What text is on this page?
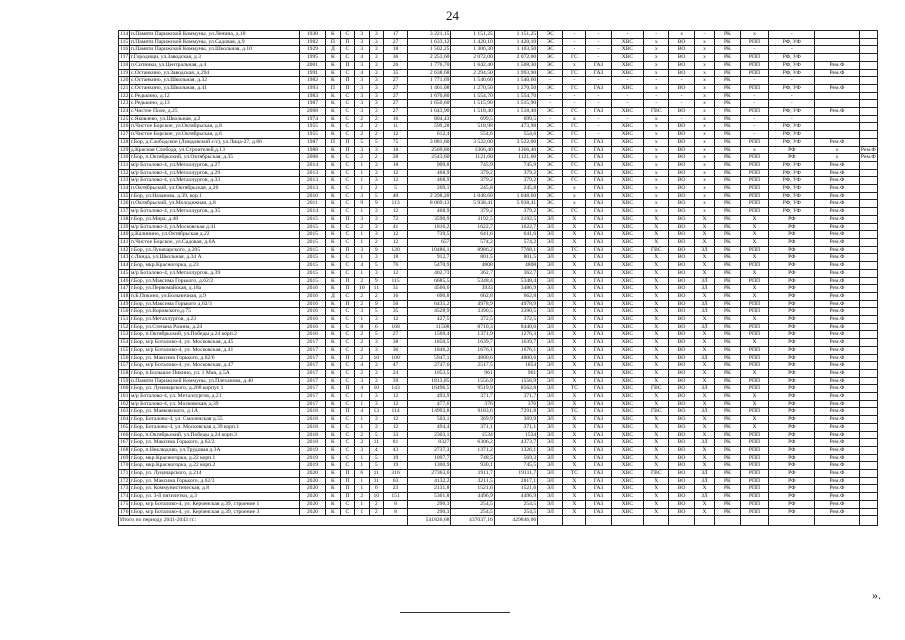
24
114	п.Памяти Парижской Коммуны, ул.Ленина, д.18	1930	К	С	3	3	17	3 221,15	1 151,25	1 151,25	ЭС	-	-	-	-	х	-	РК	х	-		
115	п.Памяти Парижской Коммуны, ул.Садовая, д.9	1982	П	П	3	3	27	1 633,12	1 420,10	1 420,10	ЭС	-	-	ХВС	х	ВО	х	РК	РПП	РФ, УФ		
116	п.Памяти Парижской Коммуны, ул.Школьная, д.10	1929	Д	С	3	3	18	1 502,25	1 306,30	1 103,50	ЭС	-	-	ХВС	х	ВО	х	РК	-	-		
117	г.Городищи, ул.Заводская, д.3	1995	К	С	4	3	36	2 253,60	2 072,00	2 072,00	ЭС	ГС	-	ХВС	х	ВО	х	РК	РПП	РФ, УФ		
118	п.Ситники, ул.Центральная, д.4	2001	К	П	3	3	26	1 776,70	1 642,40	1 508,30	ЭС	х	ГАЗ	ХВС	х	ВО	х	РК	РПП	РФ, УФ	Рем.Ф	
119	с.Останкино, ул.Заводская, д.294	1991	К	С	4	3	35	2 638,68	2 294,50	1 993,90	ЭС	ГС	ГАЗ	ХВС	х	ВО	х	РК	РПП	РФ, УФ	Рем.Ф	
120	с.Останкино, ул.Школьная, д.32	1982	К	П	3	3	27	1 771,69	1 540,60	1 540,60	-	-	-	-	-	-	х	РК	-	-		
121	с.Останкино, ул.Школьная, д.41	1993	П	П	3	3	27	1 461,08	1 270,50	1 270,50	ЭС	ГС	ГАЗ	ХВС	х	ВО	х	РК	РПП	РФ, УФ	Рем.Ф	
122	с.Редькино, д.12	1983	К	С	3	3	27	1 670,80	1 554,70	1 554,70	-	-	-	-	-	-	х	РК	-	-		
123	с.Редькино, д.13	1987	К	С	3	3	27	1 650,60	1 515,90	1 515,90	-	-	-	-	-	-	х	РК	-	-		
124	с.Чистое Поле, д.25	2008	К	С	3	3	27	1 643,90	1 518,40	1 518,40	ЭС	ГС	ГАЗ	ХВС	ГВС	ВО	х	РК	РПП	РФ, УФ	Рем.Ф	
125	с.Яковлево, ул.Школьная, д.2	1974	К	С	2	2	16	804,43	699,5	699,5	-	х	-	-	х	-	х	РК	-	-		
126	п.Чистое Борское, ул.Октябрьская, д.8	1955	К	С	2	2	11	599,28	518,98	473,98	ЭС	ГС	-	ХВС	х	ВО	х	РК	-	РФ, УФ		
127	п.Чистое Борское, ул.Октябрьская, д.6	1955	К	С	2	2	12	612,4	554,6	554,6	ЭС	ГС	-	ХВС	х	ВО	х	РК	-	РФ, УФ		
128	г.Бор, д.Слободское (Линдовский с/с), ул.Лица-27, д.86	1987	П	П	5	5	75	3 881,60	3 522,00	3 522,00	ЭС	ГС	ГАЗ	ХВС	х	ВО	х	РК	РПП	РФ, УФ	Рем.Ф	
129	д.Красная Слобода, ул.Строителей,д.13	1988	К	П	3	3	18	2569,80	1366,40	1366,40	ЭС	ГС	ГАЗ	ХВС	х	ВО	х	РК	х	РФ	х	Рем.Ф
130	г.Бор, п.Октябрьский, ул.Октябрьская, д.35	2008	К	С	2	2	28	2543,60	1121,60	1121,60	ЭС	ГС	ГАЗ	ХВС	х	ВО	х	РК	РПП	РФ	х	Рем.Ф
131	м/р Боталово-4, ул.Металлургов, д.27	2014	К	С	1	3	18	909,8	745,9	745,9	ЭС	ГС	ГАЗ	ХВС	х	ВО	х	РК	РПП	РФ, УФ	Рем.Ф	
132	м/р Боталово-4, ул.Металлургов, д.29	2013	К	С	1	3	12	468,9	379,2	379,2	ЭС	ГС	ГАЗ	ХВС	х	ВО	х	РК	РПП	РФ, УФ	Рем.Ф	
133	м/р Боталово-4, ул.Металлургов, д.33	2013	К	С	1	3	12	468,9	379,2	379,2	ЭС	ГС	ГАЗ	ХВС	х	ВО	х	РК	РПП	РФ, УФ	Рем.Ф	
134	п.Октябрьский, ул.Октябрьская, д.20	2013	К	С	1	2	5	269,1	245,8	245,8	ЭС	х	ГАЗ	ХВС	х	ВО	х	РК	РПП	РФ, УФ	Рем.Ф	
135	г.Бор, ул.Назанова, д.39, кор.1	2010	К	С	3	5	40	2 298,20	1 048,60	1 048,60	ЭС	х	ГАЗ	ХВС	х	ВО	х	РК	РПП	РФ, УФ	Рем.Ф	
136	п.Октябрьский, ул.Молодежная, д.8	2011	К	С	9	9	113	8 069,13	5 938,41	5 938,41	ЭС	х	ГАЗ	ХВС	х	ВО	х	РК	РПП	РФ, УФ	Рем.Ф	
137	м/р Боталово-4, ул.Металлургов, д.35	2014	К	С	1	3	12	468,9	379,2	379,2	ЭС	ГС	ГАЗ	ХВС	х	ВО	х	РК	РПП	РФ, УФ	Рем.Ф	
138	г.Бор, ул.Мира, д.40	2015	К	П	3	3	72	3590,9	3192,5	3192,5	ЭЛ	Х	ГАЗ	ХВС	Х	ВО	Х	РК	Х	РФ	Рем.Ф	
139	м/р Боталово-4, ул.Московская д.41	2015	К	С	2	3	41	1816,2	1622,7	1622,7	ЭЛ	Х	ГАЗ	ХВС	Х	ВО	Х	РК	Х	РФ	Рем.Ф	
140	д.Калинино, ул.Октябрьская д.22	2015	К	С	1	3	12	739,5	641,6	641,6	ЭЛ	Х	ГАЗ	ХВС	Х	ВО	Х	РК	Х	РФ	Рем.Ф	
141	п.Чистое Борское, ул.Садовая, д.6А	2015	К	С	1	2	12	657	574,2	574,2	ЭЛ	Х	ГАЗ	ХВС	Х	ВО	Х	РК	Х	РФ	Рем.Ф	
142	г.Бор, ул.Луначарского, д.205	2015	К	П	3	9	120	10486,1	8986,2	7768,1	ЭЛ	ТС	ГАЗ	ХВС	ГВС	ВО	ЗЛ	РК	РПП	РФ	Рем.Ф	
143	с.Линда, ул.Школьная, д.34 А	2015	К	С	1	3	18	912,7	801,5	801,5	ЭЛ	Х	ГАЗ	ХВС	Х	ВО	Х	РК	Х	РФ	Рем.Ф	
144	г.Бор, мкр.Красногорка, д.23	2015	К	С	4	5	76	5470,9	4808	4808	ЭЛ	Х	ГАЗ	ХВС	Х	ВО	Х	РК	РПП	РФ	Рем.Ф	
145	м/р Боталово-4, ул.Металлургов, д.39	2015	К	С	1	3	12	402,73	362,7	362,7	ЭЛ	Х	ГАЗ	ХВС	Х	ВО	Х	РК	Х	РФ	Рем.Ф	
146	г.Бор, ул.Максима Горького, д.62/2	2015	К	П	2	9	115	6685,5	5348,4	5348,4	ЭЛ	Х	ГАЗ	ХВС	Х	ВО	ЗЛ	РК	РПП	РФ	Рем.Ф	
147	г.Бор, ул.Первомайская, д.18а	2016	К	П	10	11	31	4560,6	3933	3486,9	ЭЛ	Х	ГАЗ	ХВС	Х	ВО	ЗЛ	РК	Х	РФ	Рем.Ф	
148	п.Б.Пикино, ул.Больничная, д.9	2016	Д	С	2	2	16	690,8	662,8	662,8	ЭЛ	Х	ГАЗ	ХВС	Х	ВО	Х	РК	Х	РФ	Рем.Ф	
149	г.Бор, ул.Максима Горького д.62/3	2016	К	П	2	9	56	6435,2	4978,9	4978,9	ЭЛ	Х	ГАЗ	ХВС	Х	ВО	ЗЛ	РК	РПП	РФ	Рем.Ф	
150	г.Бор, ул.Воровского,д.75	2016	К	С	3	5	35	4528,9	3390,5	3390,5	ЭЛ	Х	ГАЗ	ХВС	Х	ВО	ЗЛ	РК	РПП	РФ	Рем.Ф	
151	г.Бор, ул.Металлургов, д.23	2016	К	С	1	3	12	427,5	372,5	372,5	ЭЛ	Х	ГАЗ	ХВС	Х	ВО	Х	РК	Х	РФ	Рем.Ф	
152	г.Бор, ул.Степана Разина, д.24	2016	К	С	8	6	168	11508	8710,3	8440,6	ЭЛ	Х	ГАЗ	ХВС	Х	ВО	ЗЛ	РК	РПП	РФ	Рем.Ф	
153	г.Бор, п.Октябрьский, ул.Победы д.24 корп.2	2016	К	С	2	5	27	1569,4	1371,9	1276,3	ЭЛ	Х	ГАЗ	ХВС	Х	ВО	Х	РК	РПП	РФ	Рем.Ф	
154	г.Бор, м/р Боталово-4, ул. Московская, д.45	2017	К	С	2	3	38	1850,5	1639,7	1639,7	ЭЛ	Х	ГАЗ	ХВС	Х	ВО	Х	РК	Х	РФ	Рем.Ф	
155	г.Бор, м/р Боталово-4, ул. Московская, д.41	2017	К	С	2	3	36	1846,2	1676,1	1676,1	ЭЛ	Х	ГАЗ	ХВС	Х	ВО	Х	РК	РПП	РФ	Рем.Ф	
156	г.Бор, ул. Максима Горького, д.62/6	2017	К	П	2	10	100	5947,1	4800,6	4800,6	ЭЛ	Х	ГАЗ	ХВС	Х	ВО	ЗЛ	РК	РПП	РФ	Рем.Ф	
157	г.Бор, м/р Боталово-4, ул. Московская, д.47	2017	К	С	4	3	47	2747,6	2517,5	1854	ЭЛ	Х	ГАЗ	ХВС	Х	ВО	Х	РК	РПП	РФ	Рем.Ф	
158	г.Бор, п.Большое Пикино, ул. 1 Мая, д.5А	2017	К	С	2	3	24	1053,5	961	961	ЭЛ	Х	ГАЗ	ХВС	Х	ВО	Х	РК	Х	РФ	Рем.Ф	
159	п.Памяти Парижской Коммуны, ул.Плеханова, д.40	2017	К	С	3	3	39	1813,85	1556,9	1556,9	ЭЛ	Х	ГАЗ	ХВС	Х	ВО	Х	РК	РПП	РФ	Рем.Ф	
160	г.Бор, ул. Луначарского, д.208 корпус 1	2017	К	П	4	10	143	16496,5	9519,9	8562,8	ЭЛ	ТС	ГАЗ	ХВС	ГВС	ВО	ЗЛ	РК	РПП	РФ	Рем.Ф	
161	м/р Боталово-4, ул. Металлургов, д.21	2017	К	С	1	3	12	493,9	371,7	371,7	ЭЛ	Х	ГАЗ	ХВС	Х	ВО	Х	РК	Х	РФ	Рем.Ф	
162	м/р Боталово-4, ул. Московская, д.39	2017	К	С	1	3	12	477,6	376	376	ЭЛ	Х	ГАЗ	ХВС	Х	ВО	Х	РК	Х	РФ	Рем.Ф	
163	г.Бор, ул. Маяковского, д.1А	2018	К	П	4	13	114	14993,8	9183,6	7291,8	ЭЛ	ТС	ГАЗ	ХВС	ГВС	ВО	ЗЛ	РК	РПП	РФ	Рем.Ф	
164	г.Бор, Боталово-4, ул. Смоленская д.55	2018	К	С	1	3	12	503,1	369,9	369,9	ЭЛ	Х	ГАЗ	ХВС	Х	ВО	Х	РК	Х	РФ	Рем.Ф	
165	г.Бор, Боталово-4, ул. Московская д.39 корп.1	2018	К	С	1	3	12	494,4	371,1	371,1	ЭЛ	Х	ГАЗ	ХВС	Х	ВО	Х	РК	Х	РФ	Рем.Ф	
166	г.Бор, п.Октябрьский, ул.Победы д.24 корп.3	2018	К	С	2	5	33	2303,1	1534	1534	ЭЛ	Х	ГАЗ	ХВС	Х	ВО	Х	РК	РПП	РФ	Рем.Ф	
167	г.Бор, ул. Максима Горького, д.62/2	2018	К	С	2	11	81	8327	6306,2	4373,7	ЭЛ	Х	ГАЗ	ХВС	Х	ВО	ЗЛ	РК	РПП	РФ	Рем.Ф	
168	г.Бор, п.Неклюдово, ул.Трудовая д.3А	2019	К	С	3	4	43	2737,3	1371,2	1326,1	ЭЛ	Х	ГАЗ	ХВС	Х	ВО	Х	РК	РПП	РФ	Рем.Ф	
169	г.Бор, мкр.Красногорка, д.22 корп.1	2019	К	С	1	5	19	1097,7	748,5	569,3	ЭЛ	Х	ГАЗ	ХВС	Х	ВО	Х	РК	РПП	РФ	Рем.Ф	
170	г.Бор, мкр.Красногорка, д.22 корп.2	2019	К	С	1	5	19	1300,9	930,1	745,5	ЭЛ	Х	ГАЗ	ХВС	Х	ВО	Х	РК	РПП	РФ	Рем.Ф	
171	г.Бор, ул. Луначарского, д.214	2020	К	П	6	11	316	27363,6	1911,7	19111,7	ЭЛ	ТС	ГАЗ	ХВС	ГВС	ВО	ЗЛ	РК	РПП	РФ	Рем.Ф	
172	г.Бор, ул. Максима Горького, д.62/3	2020	К	П	1	11	63	4132,2	3211,5	2817,1	ЭЛ	Х	ГАЗ	ХВС	Х	ВО	ЗЛ	РК	РПП	РФ	Рем.Ф	
173	г.Бор, ул. Коммунистическая, д.8	2020	К	П	1	6	23	2131,8	1521,6	1521,6	ЭЛ	Х	ГАЗ	ХВС	Х	ВО	Х	РК	РПП	РФ	Рем.Ф	
174	г.Бор, ул. 3-й пятилетки, д.3	2020	К	П	2	10	151	5301,8	4496,9	4496,9	ЭЛ	Х	ГАЗ	ХВС	Х	ВО	ЗЛ	РК	РПП	РФ	Рем.Ф	
175	г.Бор, м/р Боталово-4, ул. Керченская д.39, строение 1	2020	К	С	1	2	8	290,3	254,5	254,5	ЭЛ	Х	ГАЗ	ХВС	Х	ВО	Х	РК	РПП	РФ	Рем.Ф	
176	г.Бор, м/р Боталово-4, ул. Керченская д.39, строение 3	2020	К	С	1	2	8	290,3	254,5	254,5	ЭЛ	Х	ГАЗ	ХВС	Х	ВО	Х	РК	РПП	РФ	Рем.Ф	
Итого по периоду 2041-2043 гг.:								541826,68	437037,16	429846,06												
».
